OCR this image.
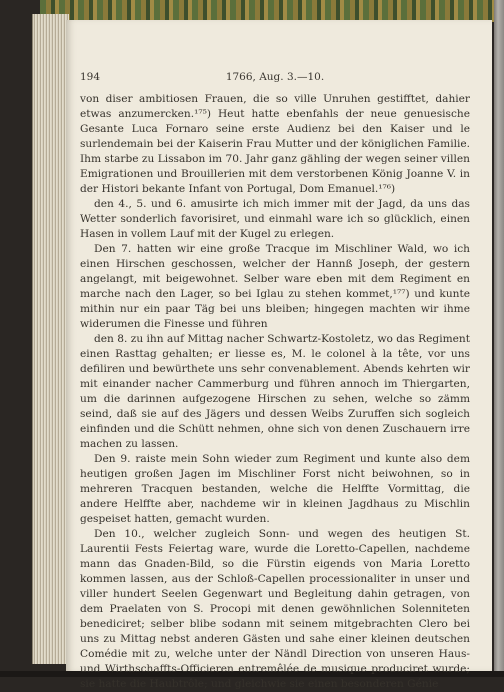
194	1766, Aug. 3.—10.

von diser ambitiosen Frauen, die so ville Unruhen gestifftet, dahier etwas anzumercken.¹⁷⁵) Heut hatte ebenfahls der neue genuesische Gesante Luca Fornaro seine erste Audienz bei den Kaiser und le surlendemain bei der Kaiserin Frau Mutter und der königlichen Familie. Ihm starbe zu Lissabon im 70. Jahr ganz gähling der wegen seiner villen Emigrationen und Brouillerien mit dem verstorbenen König Joanne V. in der Histori bekante Infant von Portugal, Dom Emanuel.¹⁷⁶)

den 4., 5. und 6. amusirte ich mich immer mit der Jagd, da uns das Wetter sonderlich favorisiret, und einmahl ware ich so glücklich, einen Hasen in vollem Lauf mit der Kugel zu erlegen.

Den 7. hatten wir eine große Tracque im Mischliner Wald, wo ich einen Hirschen geschossen, welcher der Hannß Joseph, der gestern angelangt, mit beigewohnet. Selber ware eben mit dem Regiment en marche nach den Lager, so bei Iglau zu stehen kommet,¹⁷⁷) und kunte mithin nur ein paar Täg bei uns bleiben; hingegen machten wir ihme widerumen die Finesse und führen

den 8. zu ihn auf Mittag nacher Schwartz-Kostoletz, wo das Regiment einen Rasttag gehalten; er liesse es, M. le colonel à la tête, vor uns defiliren und bewürthete uns sehr convenablement. Abends kehrten wir mit einander nacher Cammerburg und führen annoch im Thiergarten, um die darinnen aufgezogene Hirschen zu sehen, welche so zämm seind, daß sie auf des Jägers und dessen Weibs Zuruffen sich sogleich einfinden und die Schütt nehmen, ohne sich von denen Zuschauern irre machen zu lassen.

Den 9. raiste mein Sohn wieder zum Regiment und kunte also dem heutigen großen Jagen im Mischliner Forst nicht beiwohnen, so in mehreren Tracquen bestanden, welche die Helffte Vormittag, die andere Helffte aber, nachdeme wir in kleinen Jagdhaus zu Mischlin gespeiset hatten, gemacht wurden.

Den 10., welcher zugleich Sonn- und wegen des heutigen St. Laurentii Fests Feiertag ware, wurde die Loretto-Capellen, nachdeme mann das Gnaden-Bild, so die Fürstin eigends von Maria Loretto kommen lassen, aus der Schloß-Capellen processionaliter in unser und viller hundert Seelen Gegenwart und Begleitung dahin getragen, von dem Praelaten von S. Procopi mit denen gewöhnlichen Solenniteten benediciret; selber blibe sodann mit seinem mitgebrachten Clero bei uns zu Mittag nebst anderen Gästen und sahe einer kleinen deutschen Comédie mit zu, welche unter der Nändl Direction von unseren Haus- und Wirthschaffts-Officieren entremêlée de musique produciret wurde; sie hatte die Haubtrôle; und gleichwie sie einen besonderen Génie
